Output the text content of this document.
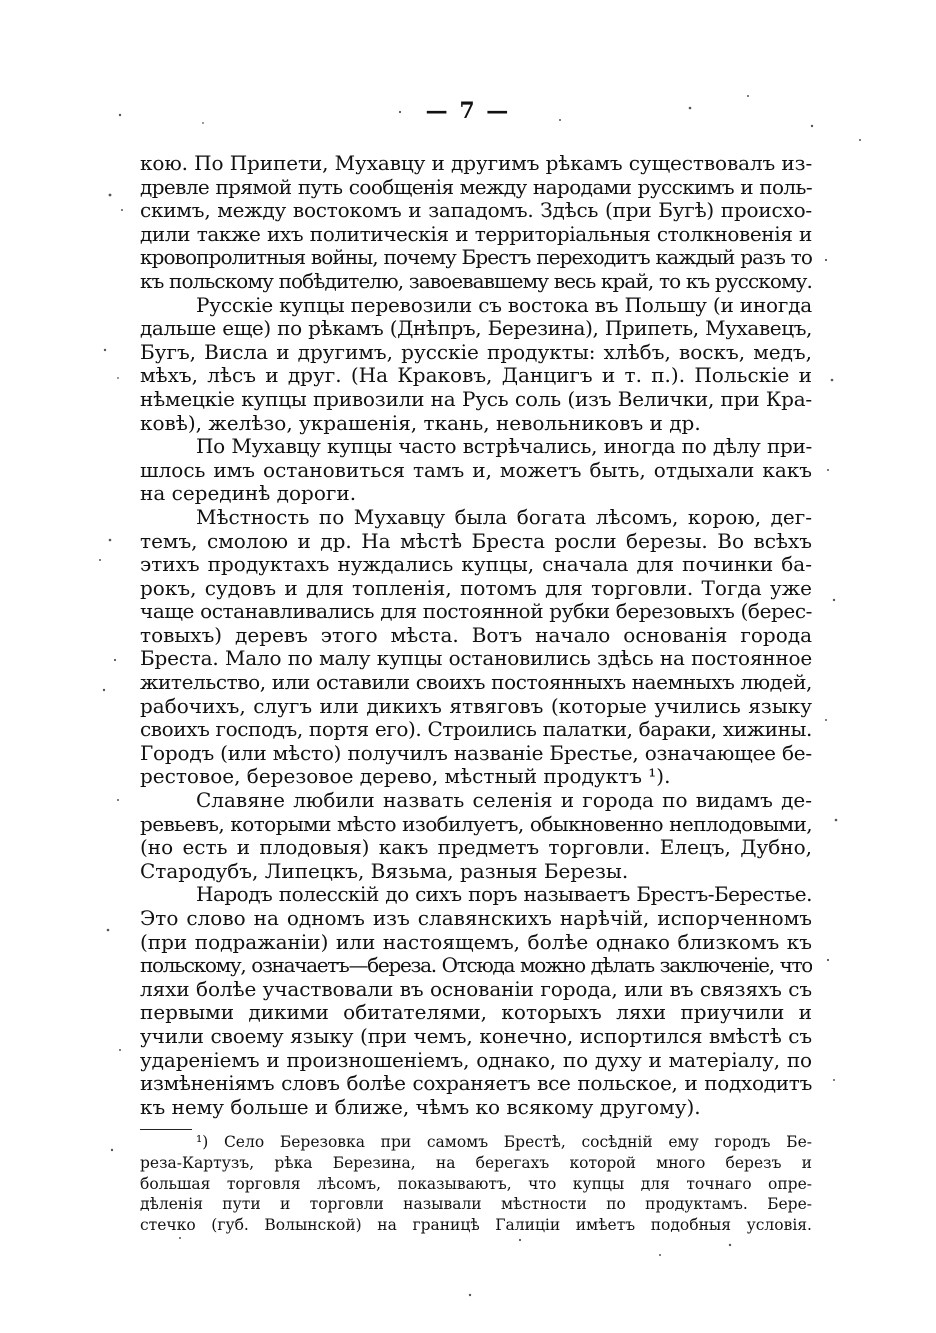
— 7 —
кою. По Припети, Мухавцу и другимъ рѣкамъ существовалъ из-
древле прямой путь сообщенія между народами русскимъ и поль-
скимъ, между востокомъ и западомъ. Здѣсь (при Бугѣ) происхо-
дили также ихъ политическія и территоріальныя столкновенія и
кровопролитныя войны, почему Брестъ переходитъ каждый разъ то
къ польскому побѣдителю, завоевавшему весь край, то къ русскому.
Русскіе купцы перевозили съ востока въ Польшу (и иногда
дальше еще) по рѣкамъ (Днѣпръ, Березина), Припеть, Мухавецъ,
Бугъ, Висла и другимъ, русскіе продукты: хлѣбъ, воскъ, медъ,
мѣхъ, лѣсъ и друг. (На Краковъ, Данцигъ и т. п.). Польскіе и
нѣмецкіе купцы привозили на Русь соль (изъ Велички, при Кра-
ковѣ), желѣзо, украшенія, ткань, невольниковъ и др.
По Мухавцу купцы часто встрѣчались, иногда по дѣлу при-
шлось имъ остановиться тамъ и, можетъ быть, отдыхали какъ
на серединѣ дороги.
Мѣстность по Мухавцу была богата лѣсомъ, корою, дег-
темъ, смолою и др. На мѣстѣ Бреста росли березы. Во всѣхъ
этихъ продуктахъ нуждались купцы, сначала для починки ба-
рокъ, судовъ и для топленія, потомъ для торговли. Тогда уже
чаще останавливались для постоянной рубки березовыхъ (берес-
товыхъ) деревъ этого мѣста. Вотъ начало основанія города
Бреста. Мало по малу купцы остановились здѣсь на постоянное
жительство, или оставили своихъ постоянныхъ наемныхъ людей,
рабочихъ, слугъ или дикихъ ятвяговъ (которые учились языку
своихъ господъ, портя его). Строились палатки, бараки, хижины.
Городъ (или мѣсто) получилъ названіе Брестье, означающее бе-
рестовое, березовое дерево, мѣстный продуктъ ¹).
Славяне любили назвать селенія и города по видамъ де-
ревьевъ, которыми мѣсто изобилуетъ, обыкновенно неплодовыми,
(но есть и плодовыя) какъ предметъ торговли. Елецъ, Дубно,
Стародубъ, Липецкъ, Вязьма, разныя Березы.
Народъ полесскій до сихъ поръ называетъ Брестъ-Берестье.
Это слово на одномъ изъ славянскихъ нарѣчій, испорченномъ
(при подражаніи) или настоящемъ, болѣе однако близкомъ къ
польскому, означаетъ—береза. Отсюда можно дѣлать заключеніе, что
ляхи болѣе участвовали въ основаніи города, или въ связяхъ съ
первыми дикими обитателями, которыхъ ляхи приучили и
учили своему языку (при чемъ, конечно, испортился вмѣстѣ съ
удареніемъ и произношеніемъ, однако, по духу и матеріалу, по
измѣненіямъ словъ болѣе сохраняетъ все польское, и подходитъ
къ нему больше и ближе, чѣмъ ко всякому другому).
¹) Село Березовка при самомъ Брестѣ, сосѣдній ему городъ Бе-
реза-Картузъ, рѣка Березина, на берегахъ которой много березъ и
большая торговля лѣсомъ, показываютъ, что купцы для точнаго опре-
дѣленія пути и торговли называли мѣстности по продуктамъ. Бере-
стечко (губ. Волынской) на границѣ Галиціи имѣетъ подобныя условія.
